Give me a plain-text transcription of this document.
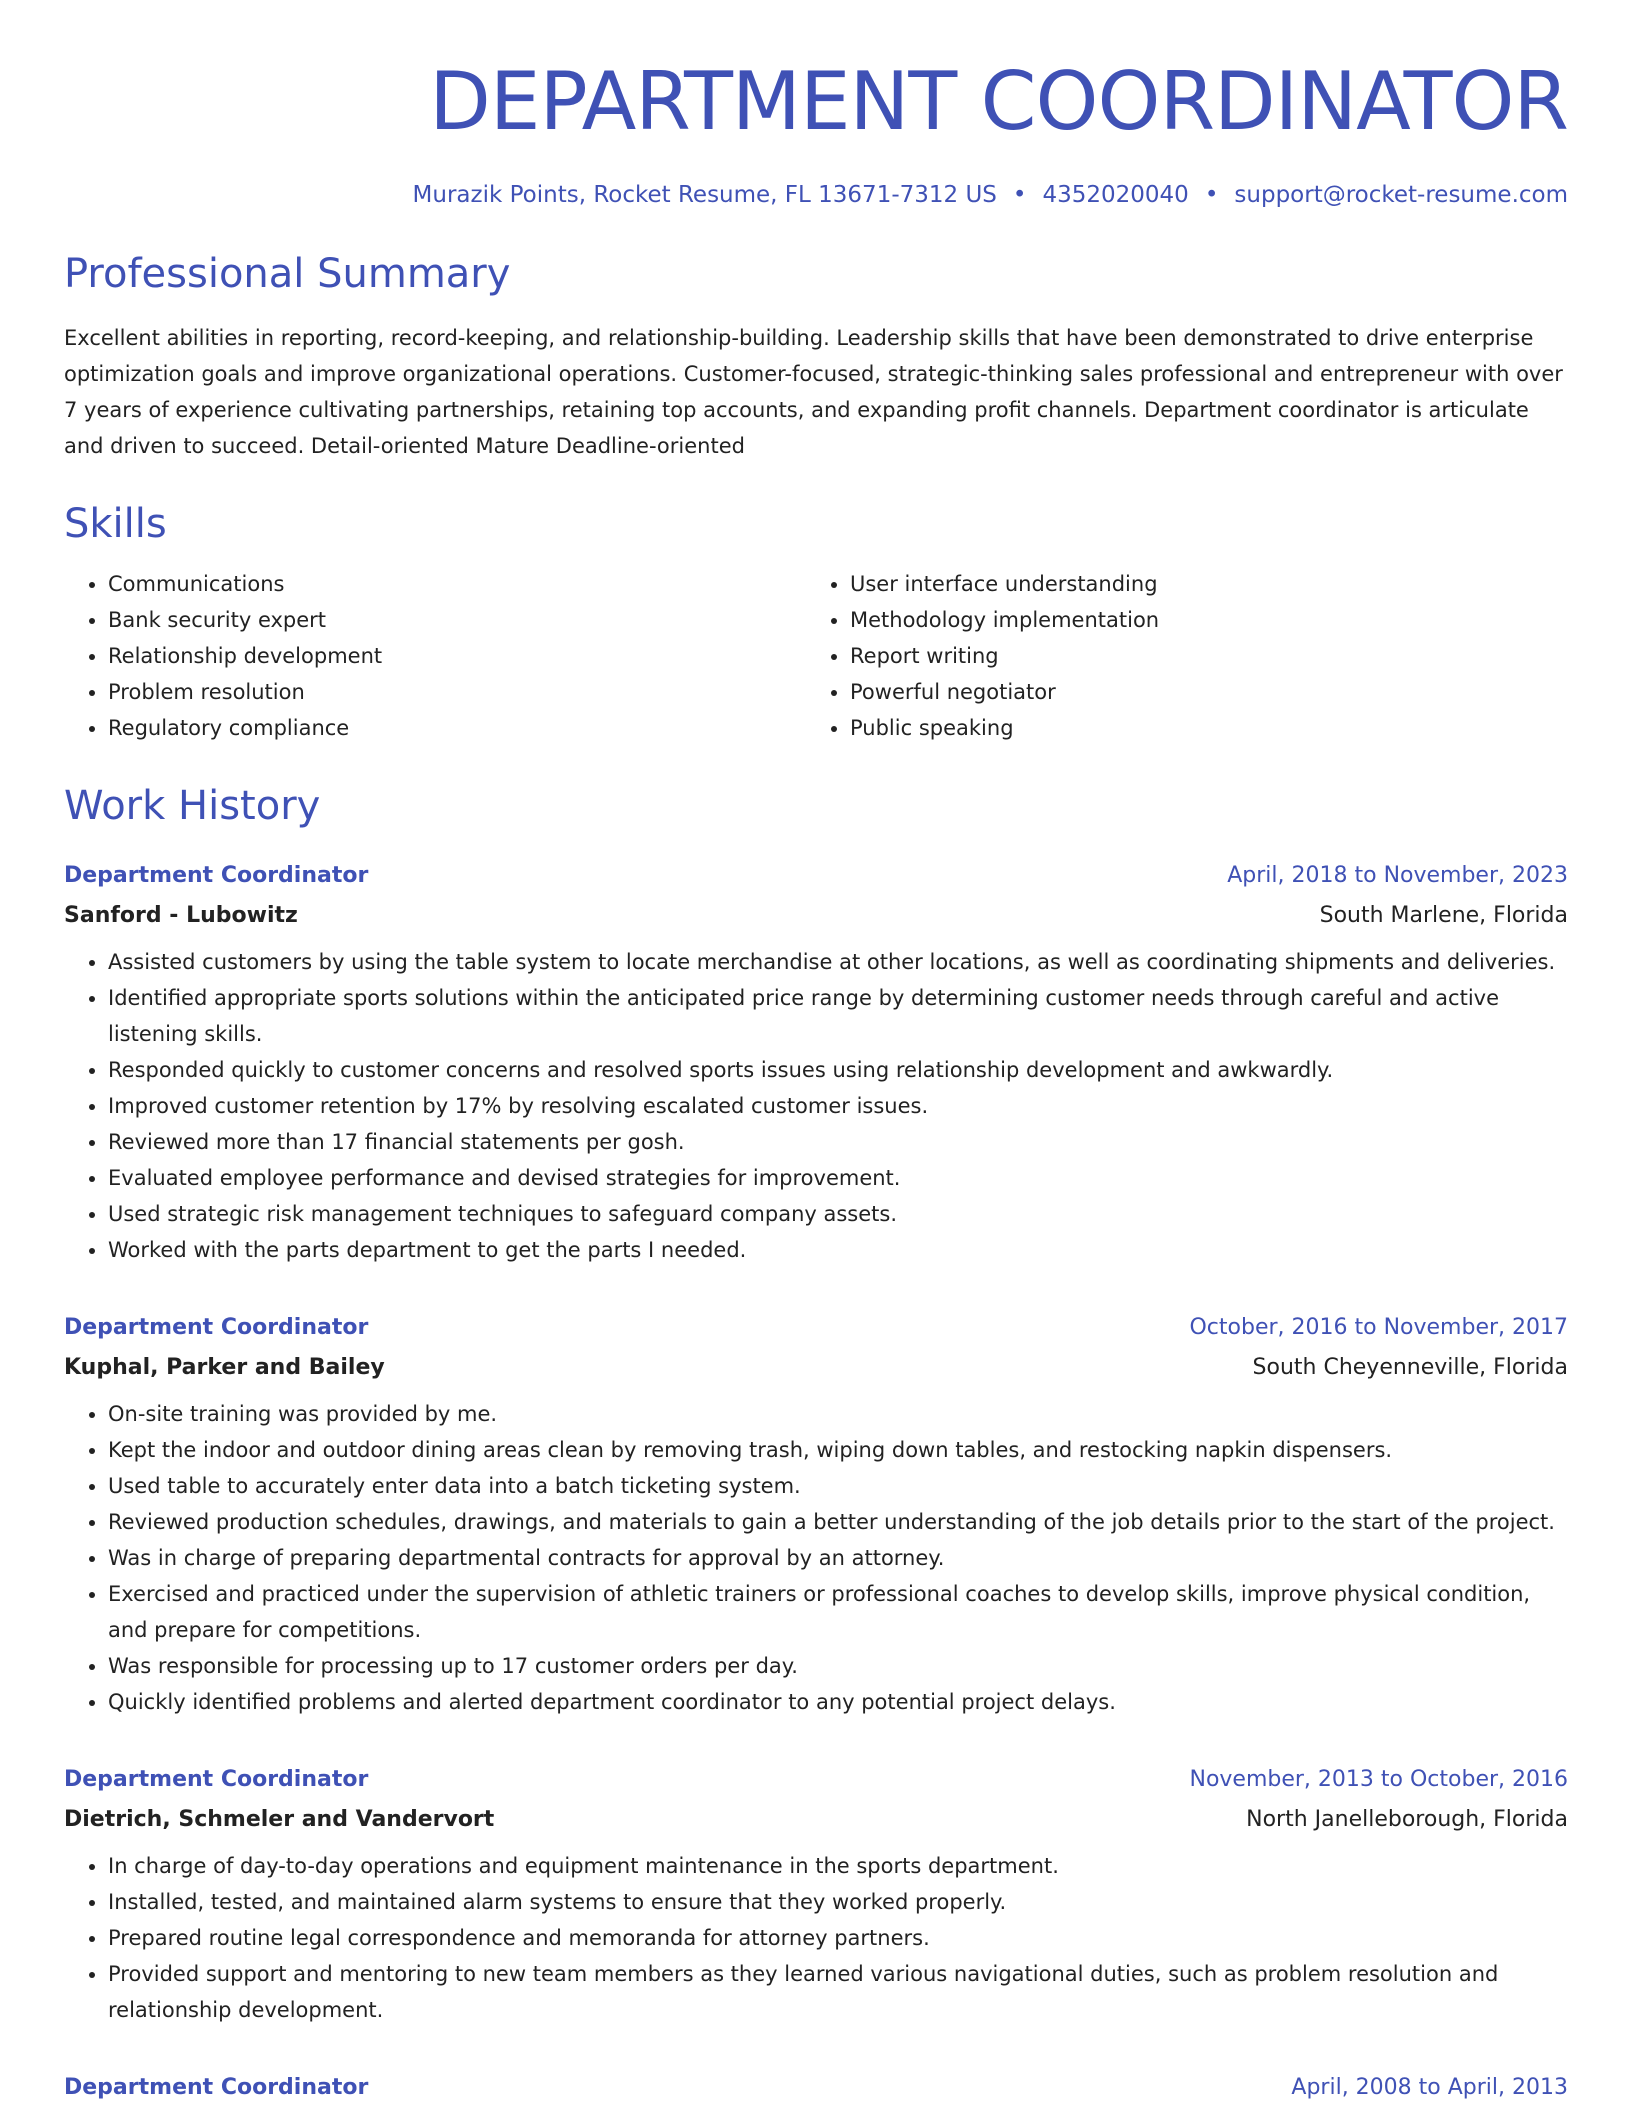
DEPARTMENT COORDINATOR
Murazik Points, Rocket Resume, FL 13671-7312 US • 4352020040 • support@rocket-resume.com
Professional Summary

Excellent abilities in reporting, record-keeping, and relationship-building. Leadership skills that have been demonstrated to drive enterprise optimization goals and improve organizational operations. Customer-focused, strategic-thinking sales professional and entrepreneur with over 7 years of experience cultivating partnerships, retaining top accounts, and expanding profit channels. Department coordinator is articulate and driven to succeed. Detail-oriented Mature Deadline-oriented

Skills
• Communications
• Bank security expert
• Relationship development
• Problem resolution
• Regulatory compliance
• User interface understanding
• Methodology implementation
• Report writing
• Powerful negotiator
• Public speaking
Work History
Department Coordinator	April, 2018 to November, 2023
Sanford - Lubowitz	South Marlene, Florida
• Assisted customers by using the table system to locate merchandise at other locations, as well as coordinating shipments and deliveries.
• Identified appropriate sports solutions within the anticipated price range by determining customer needs through careful and active listening skills.
• Responded quickly to customer concerns and resolved sports issues using relationship development and awkwardly.
• Improved customer retention by 17% by resolving escalated customer issues.
• Reviewed more than 17 financial statements per gosh.
• Evaluated employee performance and devised strategies for improvement.
• Used strategic risk management techniques to safeguard company assets.
• Worked with the parts department to get the parts I needed.
Department Coordinator	October, 2016 to November, 2017
Kuphal, Parker and Bailey	South Cheyenneville, Florida
• On-site training was provided by me.
• Kept the indoor and outdoor dining areas clean by removing trash, wiping down tables, and restocking napkin dispensers.
• Used table to accurately enter data into a batch ticketing system.
• Reviewed production schedules, drawings, and materials to gain a better understanding of the job details prior to the start of the project.
• Was in charge of preparing departmental contracts for approval by an attorney.
• Exercised and practiced under the supervision of athletic trainers or professional coaches to develop skills, improve physical condition, and prepare for competitions.
• Was responsible for processing up to 17 customer orders per day.
• Quickly identified problems and alerted department coordinator to any potential project delays.
Department Coordinator	November, 2013 to October, 2016
Dietrich, Schmeler and Vandervort	North Janelleborough, Florida
• In charge of day-to-day operations and equipment maintenance in the sports department.
• Installed, tested, and maintained alarm systems to ensure that they worked properly.
• Prepared routine legal correspondence and memoranda for attorney partners.
• Provided support and mentoring to new team members as they learned various navigational duties, such as problem resolution and relationship development.
Department Coordinator	April, 2008 to April, 2013
